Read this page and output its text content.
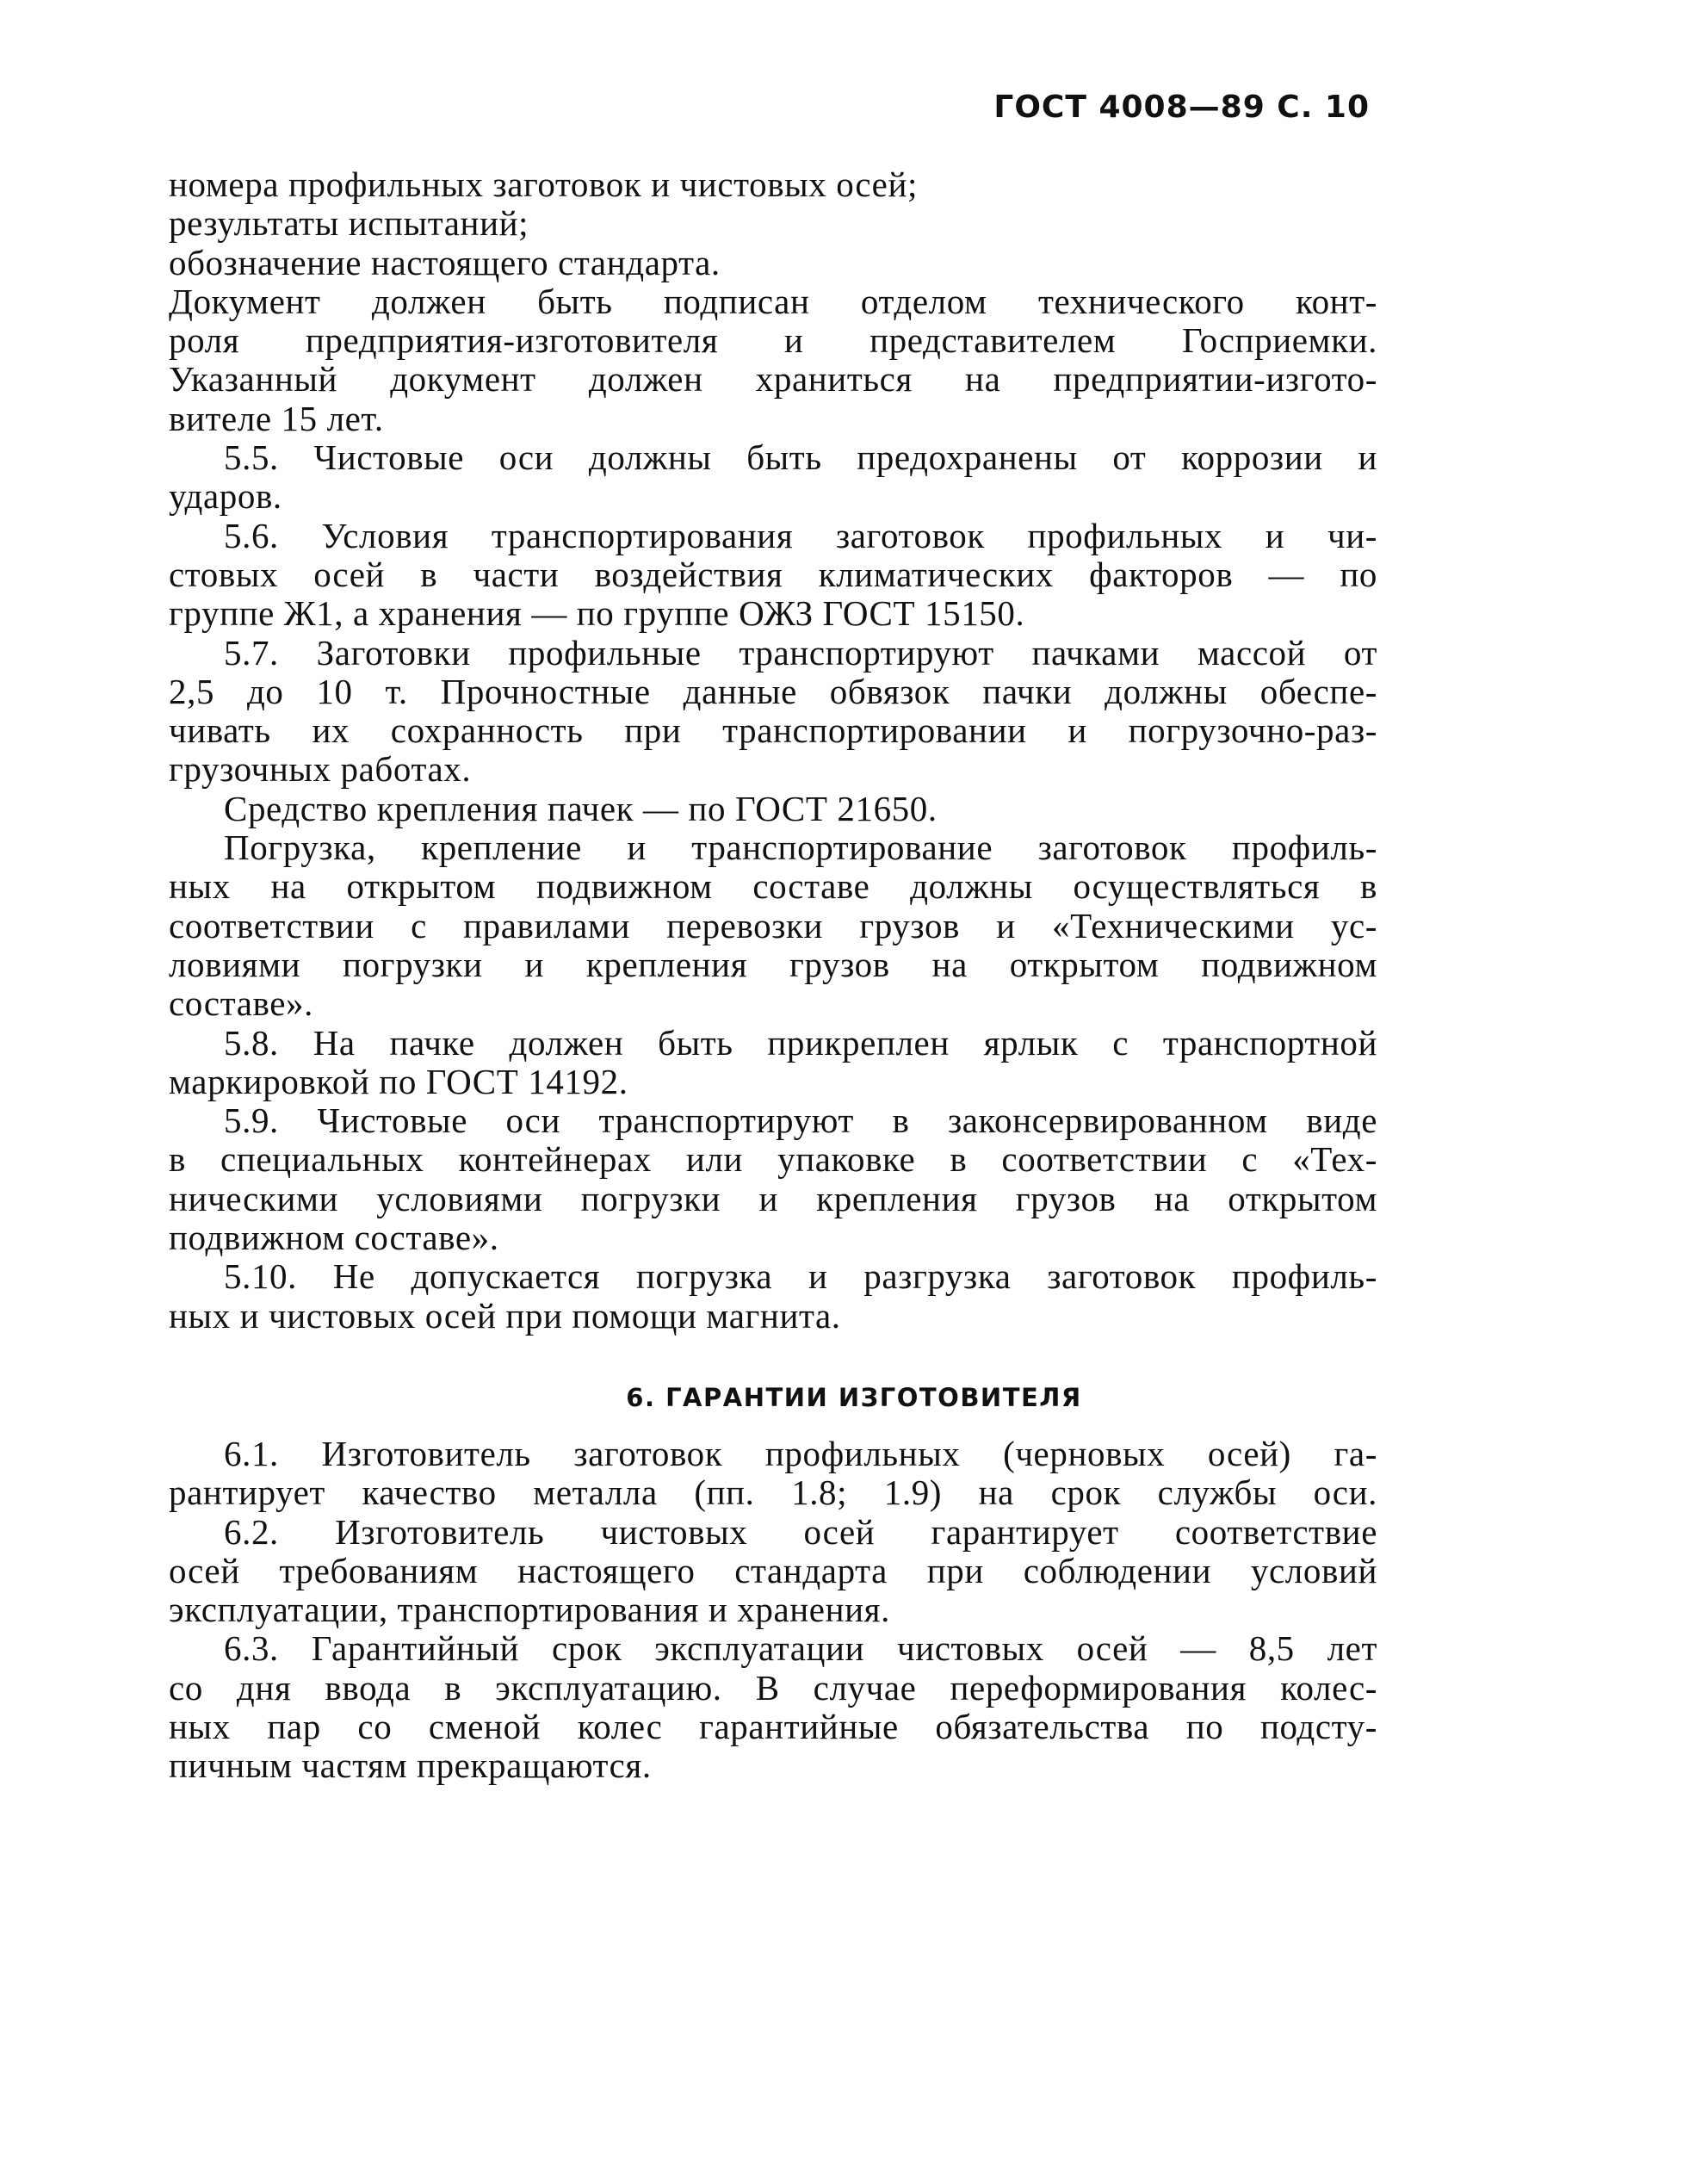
ГОСТ 4008—89 С. 10
номера профильных заготовок и чистовых осей;
результаты испытаний;
обозначение настоящего стандарта.
Документ должен быть подписан отделом технического конт-
роля предприятия-изготовителя и представителем Госприемки.
Указанный документ должен храниться на предприятии-изгото-
вителе 15 лет.
5.5. Чистовые оси должны быть предохранены от коррозии и
ударов.
5.6. Условия транспортирования заготовок профильных и чи-
стовых осей в части воздействия климатических факторов — по
группе Ж1, а хранения — по группе ОЖЗ ГОСТ 15150.
5.7. Заготовки профильные транспортируют пачками массой от
2,5 до 10 т. Прочностные данные обвязок пачки должны обеспе-
чивать их сохранность при транспортировании и погрузочно-раз-
грузочных работах.
Средство крепления пачек — по ГОСТ 21650.
Погрузка, крепление и транспортирование заготовок профиль-
ных на открытом подвижном составе должны осуществляться в
соответствии с правилами перевозки грузов и «Техническими ус-
ловиями погрузки и крепления грузов на открытом подвижном
составе».
5.8. На пачке должен быть прикреплен ярлык с транспортной
маркировкой по ГОСТ 14192.
5.9. Чистовые оси транспортируют в законсервированном виде
в специальных контейнерах или упаковке в соответствии с «Тех-
ническими условиями погрузки и крепления грузов на открытом
подвижном составе».
5.10. Не допускается погрузка и разгрузка заготовок профиль-
ных и чистовых осей при помощи магнита.
6. ГАРАНТИИ ИЗГОТОВИТЕЛЯ
6.1. Изготовитель заготовок профильных (черновых осей) га-
рантирует качество металла (пп. 1.8; 1.9) на срок службы оси.
6.2. Изготовитель чистовых осей гарантирует соответствие
осей требованиям настоящего стандарта при соблюдении условий
эксплуатации, транспортирования и хранения.
6.3. Гарантийный срок эксплуатации чистовых осей — 8,5 лет
со дня ввода в эксплуатацию. В случае переформирования колес-
ных пар со сменой колес гарантийные обязательства по подсту-
пичным частям прекращаются.
